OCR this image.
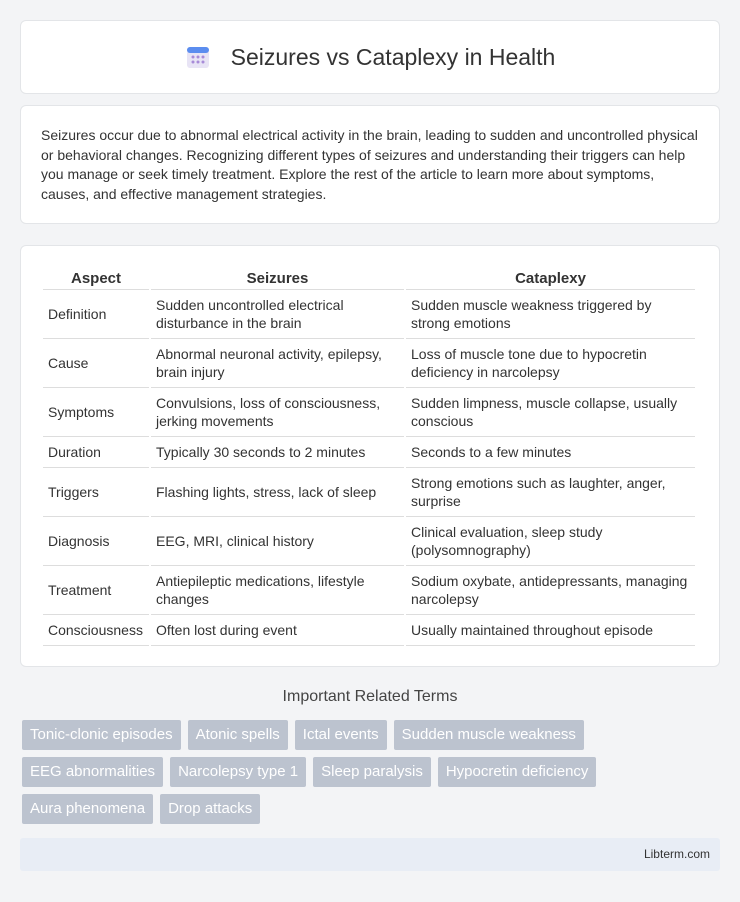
Seizures vs Cataplexy in Health

Seizures occur due to abnormal electrical activity in the brain, leading to sudden and uncontrolled physical or behavioral changes. Recognizing different types of seizures and understanding their triggers can help you manage or seek timely treatment. Explore the rest of the article to learn more about symptoms, causes, and effective management strategies.

Aspect	Seizures	Cataplexy
Definition	Sudden uncontrolled electrical disturbance in the brain	Sudden muscle weakness triggered by strong emotions
Cause	Abnormal neuronal activity, epilepsy, brain injury	Loss of muscle tone due to hypocretin deficiency in narcolepsy
Symptoms	Convulsions, loss of consciousness, jerking movements	Sudden limpness, muscle collapse, usually conscious
Duration	Typically 30 seconds to 2 minutes	Seconds to a few minutes
Triggers	Flashing lights, stress, lack of sleep	Strong emotions such as laughter, anger, surprise
Diagnosis	EEG, MRI, clinical history	Clinical evaluation, sleep study (polysomnography)
Treatment	Antiepileptic medications, lifestyle changes	Sodium oxybate, antidepressants, managing narcolepsy
Consciousness	Often lost during event	Usually maintained throughout episode
Important Related Terms
Tonic-clonic episodes	Atonic spells	Ictal events	Sudden muscle weakness
EEG abnormalities	Narcolepsy type 1	Sleep paralysis	Hypocretin deficiency
Aura phenomena	Drop attacks
Libterm.com
